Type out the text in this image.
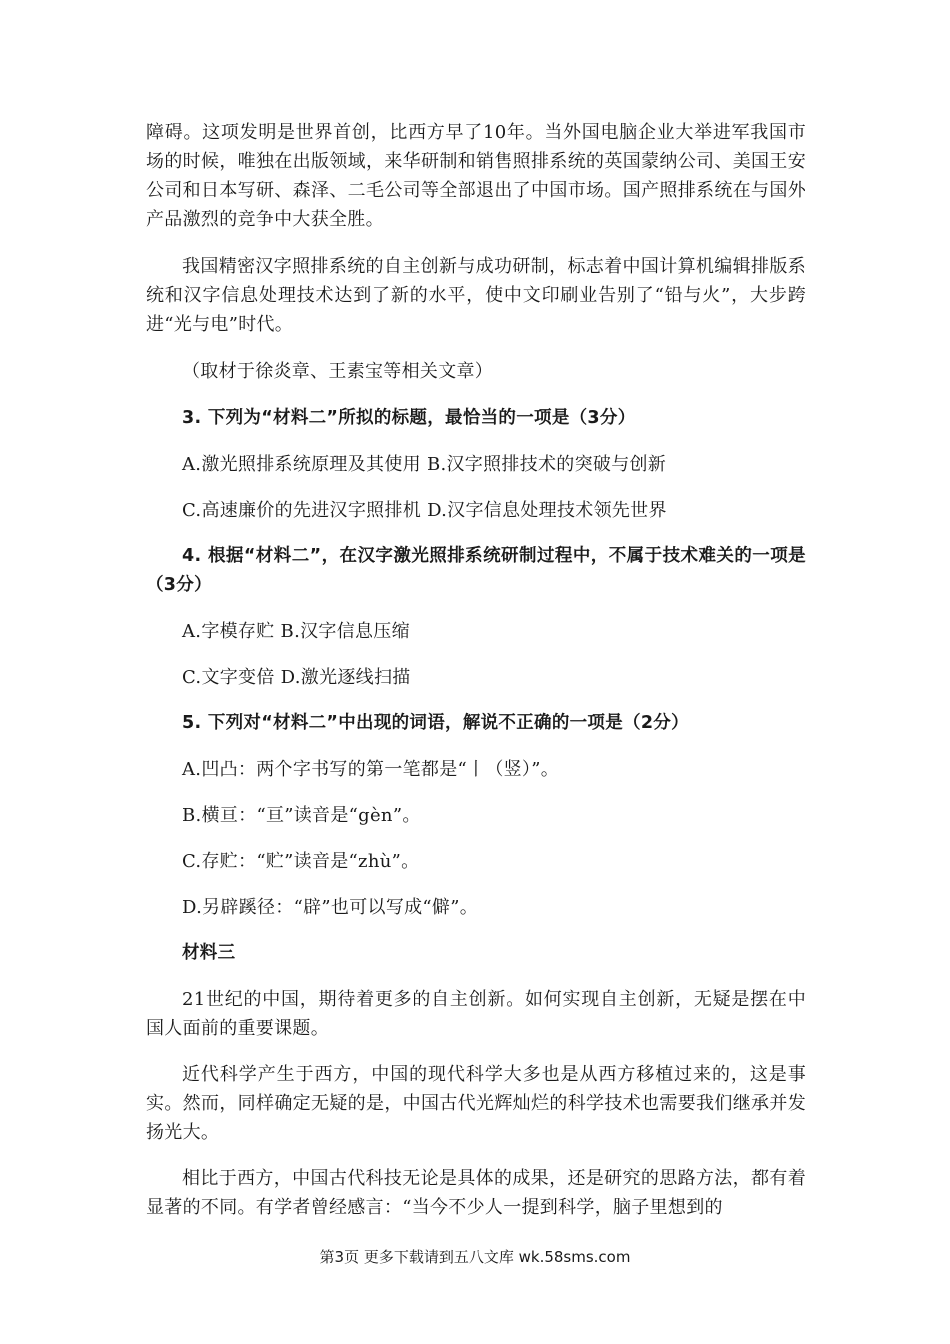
障碍。这项发明是世界首创，比西方早了10年。当外国电脑企业大举进军我国市场的时候，唯独在出版领域，来华研制和销售照排系统的英国蒙纳公司、美国王安公司和日本写研、森泽、二毛公司等全部退出了中国市场。国产照排系统在与国外产品激烈的竞争中大获全胜。

我国精密汉字照排系统的自主创新与成功研制，标志着中国计算机编辑排版系统和汉字信息处理技术达到了新的水平，使中文印刷业告别了“铅与火”，大步跨进“光与电”时代。

（取材于徐炎章、王素宝等相关文章）

3. 下列为“材料二”所拟的标题，最恰当的一项是（3分）

A.激光照排系统原理及其使用 B.汉字照排技术的突破与创新

C.高速廉价的先进汉字照排机 D.汉字信息处理技术领先世界

4. 根据“材料二”，在汉字激光照排系统研制过程中，不属于技术难关的一项是（3分）

A.字模存贮 B.汉字信息压缩

C.文字变倍 D.激光逐线扫描

5. 下列对“材料二”中出现的词语，解说不正确的一项是（2分）

A.凹凸：两个字书写的第一笔都是“丨（竖）”。

B.横亘：“亘”读音是“gèn”。

C.存贮：“贮”读音是“zhù”。

D.另辟蹊径：“辟”也可以写成“僻”。

材料三

21世纪的中国，期待着更多的自主创新。如何实现自主创新，无疑是摆在中国人面前的重要课题。

近代科学产生于西方，中国的现代科学大多也是从西方移植过来的，这是事实。然而，同样确定无疑的是，中国古代光辉灿烂的科学技术也需要我们继承并发扬光大。

相比于西方，中国古代科技无论是具体的成果，还是研究的思路方法，都有着显著的不同。有学者曾经感言：“当今不少人一提到科学，脑子里想到的

第3页 更多下载请到五八文库 wk.58sms.com
